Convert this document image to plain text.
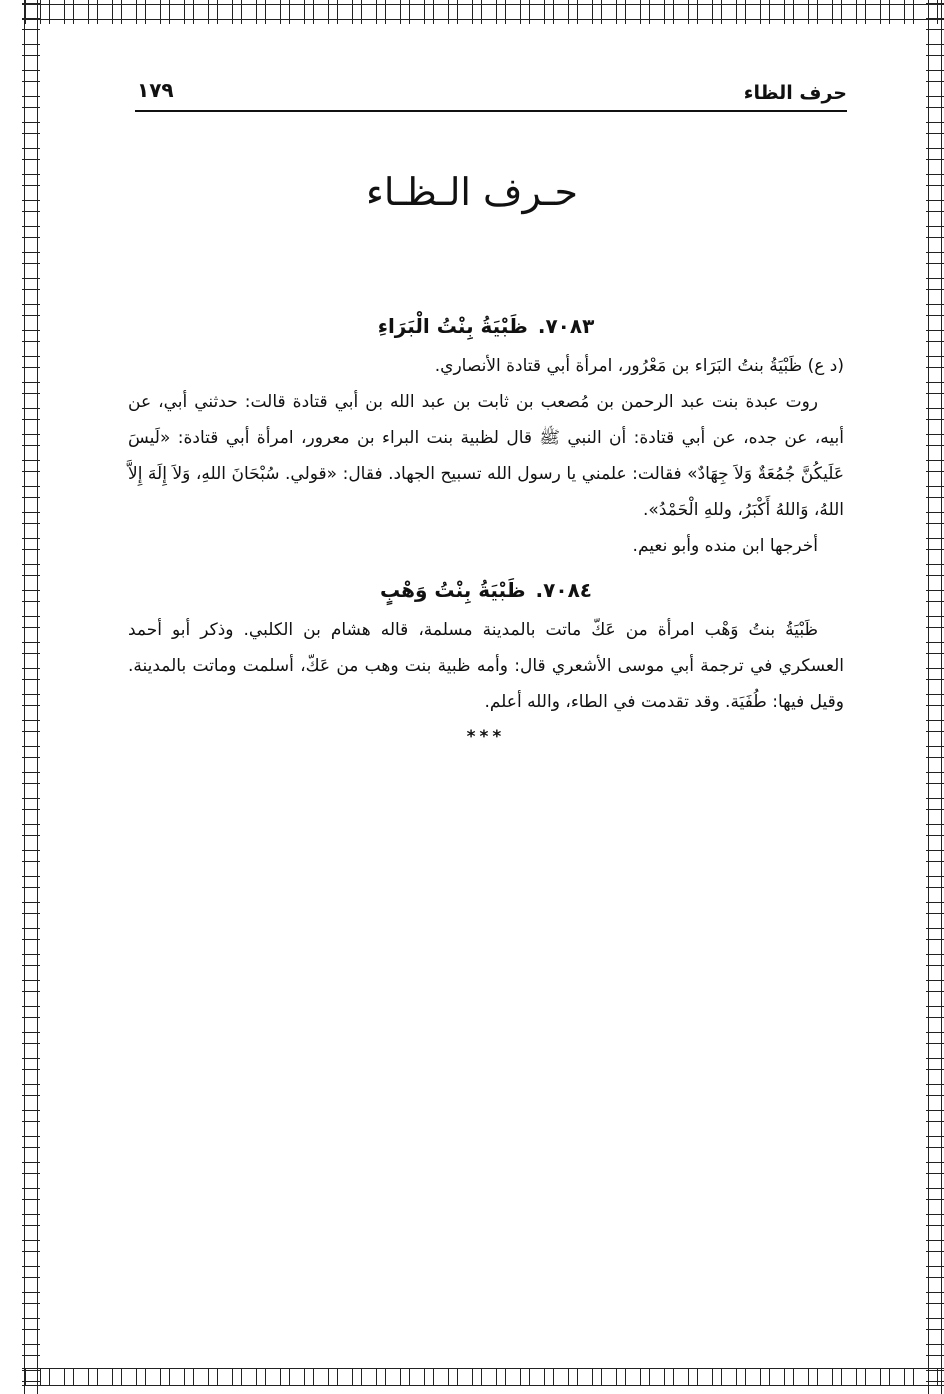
حرف الظاء
١٧٩
حـرف الـظـاء
٧٠٨٣.ظَبْيَةُ بِنْتُ الْبَرَاءِ

(د ع) ظَبْيَةُ بنتُ البَرَاء بن مَعْرُور، امرأة أبي قتادة الأنصاري.

روت عبدة بنت عبد الرحمن بن مُصعب بن ثابت بن عبد الله بن أبي قتادة قالت: حدثني أبي، عن أبيه، عن جده، عن أبي قتادة: أن النبي ﷺ قال لظبية بنت البراء بن معرور، امرأة أبي قتادة: «لَيسَ عَلَيكُنَّ جُمُعَةٌ وَلاَ جِهَادٌ» فقالت: علمني يا رسول الله تسبيح الجهاد. فقال: «قولي. سُبْحَانَ اللهِ، وَلاَ إِلَهَ إِلاَّ اللهُ، وَاللهُ أَكْبَرُ، وللهِ الْحَمْدُ».

أخرجها ابن منده وأبو نعيم.

٧٠٨٤.ظَبْيَةُ بِنْتُ وَهْبٍ

ظَبْيَةُ بنتُ وَهْب امرأة من عَكّ ماتت بالمدينة مسلمة، قاله هشام بن الكلبي. وذكر أبو أحمد العسكري في ترجمة أبي موسى الأشعري قال: وأمه ظبية بنت وهب من عَكّ، أسلمت وماتت بالمدينة. وقيل فيها: طُفَيَة. وقد تقدمت في الطاء، والله أعلم.

***
